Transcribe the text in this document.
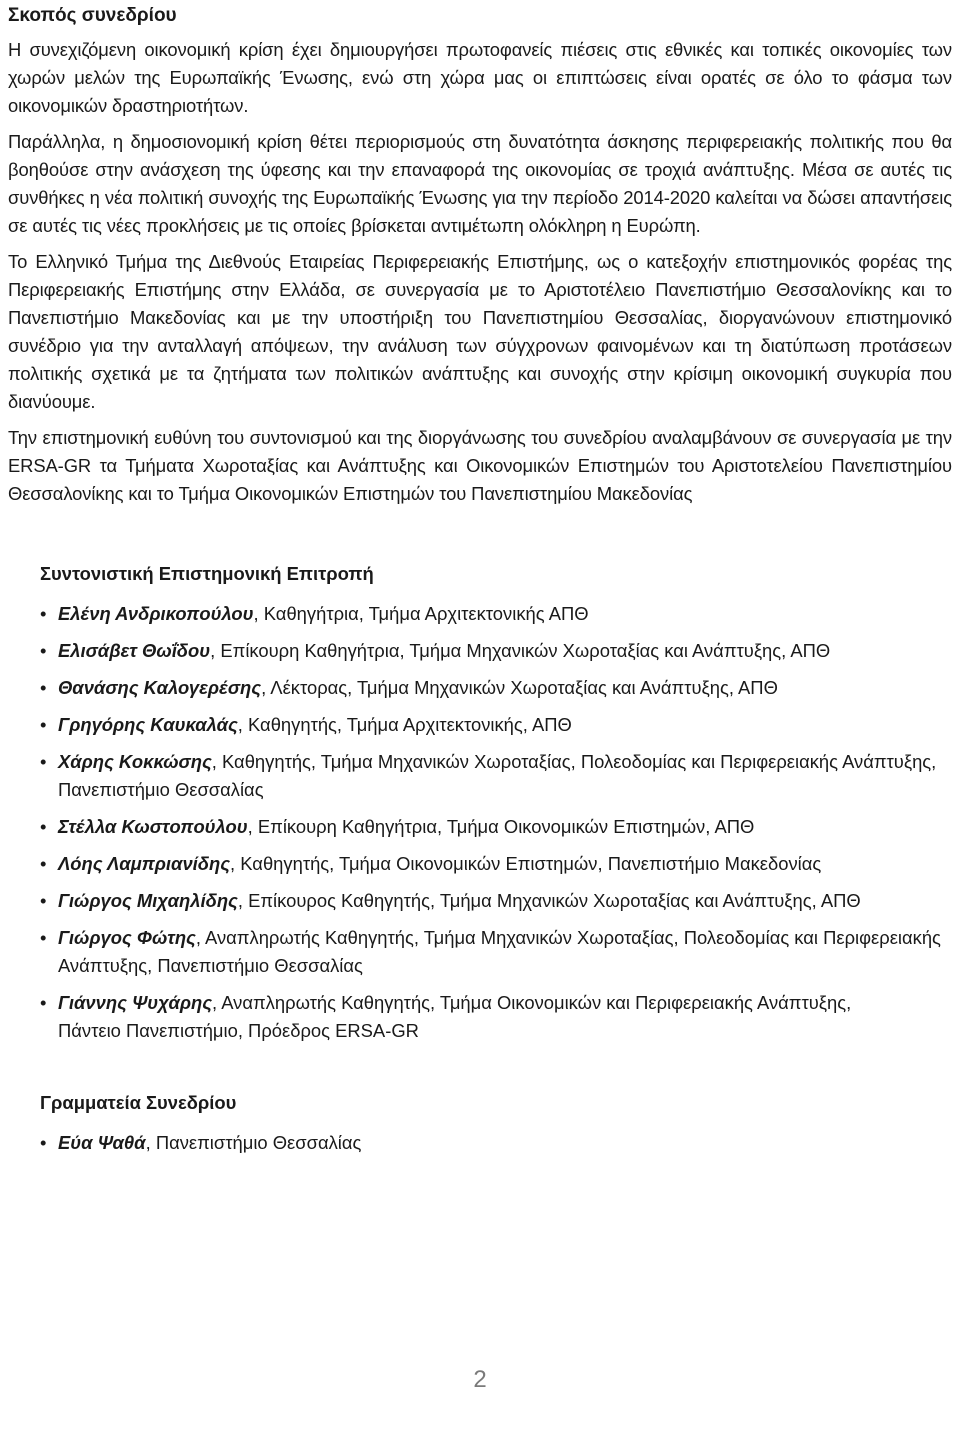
Σκοπός συνεδρίου

Η συνεχιζόμενη οικονομική κρίση έχει δημιουργήσει πρωτοφανείς πιέσεις στις εθνικές και τοπικές οικονομίες των χωρών μελών της Ευρωπαϊκής Ένωσης, ενώ στη χώρα μας οι επιπτώσεις είναι ορατές σε όλο το φάσμα των οικονομικών δραστηριοτήτων.

Παράλληλα, η δημοσιονομική κρίση θέτει περιορισμούς στη δυνατότητα άσκησης περιφερειακής πολιτικής που θα βοηθούσε στην ανάσχεση της ύφεσης και την επαναφορά της οικονομίας σε τροχιά ανάπτυξης. Μέσα σε αυτές τις συνθήκες η νέα πολιτική συνοχής της Ευρωπαϊκής Ένωσης για την περίοδο 2014-2020 καλείται να δώσει απαντήσεις σε αυτές τις νέες προκλήσεις με τις οποίες βρίσκεται αντιμέτωπη ολόκληρη η Ευρώπη.

Το Ελληνικό Τμήμα της Διεθνούς Εταιρείας Περιφερειακής Επιστήμης, ως ο κατεξοχήν επιστημονικός φορέας της Περιφερειακής Επιστήμης στην Ελλάδα, σε συνεργασία με το Αριστοτέλειο Πανεπιστήμιο Θεσσαλονίκης και το Πανεπιστήμιο Μακεδονίας και με την υποστήριξη του Πανεπιστημίου Θεσσαλίας, διοργανώνουν επιστημονικό συνέδριο για την ανταλλαγή απόψεων, την ανάλυση των σύγχρονων φαινομένων και τη διατύπωση προτάσεων πολιτικής σχετικά με τα ζητήματα των πολιτικών ανάπτυξης και συνοχής στην κρίσιμη οικονομική συγκυρία που διανύουμε.

Την επιστημονική ευθύνη του συντονισμού και της διοργάνωσης του συνεδρίου αναλαμβάνουν σε συνεργασία με την ERSA-GR τα Τμήματα Χωροταξίας και Ανάπτυξης και Οικονομικών Επιστημών του Αριστοτελείου Πανεπιστημίου Θεσσαλονίκης και το Τμήμα Οικονομικών Επιστημών του Πανεπιστημίου Μακεδονίας

Συντονιστική Επιστημονική Επιτροπή
• Ελένη Ανδρικοπούλου, Καθηγήτρια, Τμήμα Αρχιτεκτονικής ΑΠΘ
• Ελισάβετ Θωΐδου, Επίκουρη Καθηγήτρια, Τμήμα Μηχανικών Χωροταξίας και Ανάπτυξης, ΑΠΘ
• Θανάσης Καλογερέσης, Λέκτορας, Τμήμα Μηχανικών Χωροταξίας και Ανάπτυξης, ΑΠΘ
• Γρηγόρης Καυκαλάς, Καθηγητής, Τμήμα Αρχιτεκτονικής, ΑΠΘ
• Χάρης Κοκκώσης, Καθηγητής, Τμήμα Μηχανικών Χωροταξίας, Πολεοδομίας και Περιφερειακής Ανάπτυξης, Πανεπιστήμιο Θεσσαλίας
• Στέλλα Κωστοπούλου, Επίκουρη Καθηγήτρια, Τμήμα Οικονομικών Επιστημών, ΑΠΘ
• Λόης Λαμπριανίδης, Καθηγητής, Τμήμα Οικονομικών Επιστημών, Πανεπιστήμιο Μακεδονίας
• Γιώργος Μιχαηλίδης, Επίκουρος Καθηγητής, Τμήμα Μηχανικών Χωροταξίας και Ανάπτυξης, ΑΠΘ
• Γιώργος Φώτης, Αναπληρωτής Καθηγητής, Τμήμα Μηχανικών Χωροταξίας, Πολεοδομίας και Περιφερειακής Ανάπτυξης, Πανεπιστήμιο Θεσσαλίας
• Γιάννης Ψυχάρης, Αναπληρωτής Καθηγητής, Τμήμα Οικονομικών και Περιφερειακής Ανάπτυξης,
Πάντειο Πανεπιστήμιο, Πρόεδρος ERSA-GR
Γραμματεία Συνεδρίου
• Εύα Ψαθά, Πανεπιστήμιο Θεσσαλίας
2
